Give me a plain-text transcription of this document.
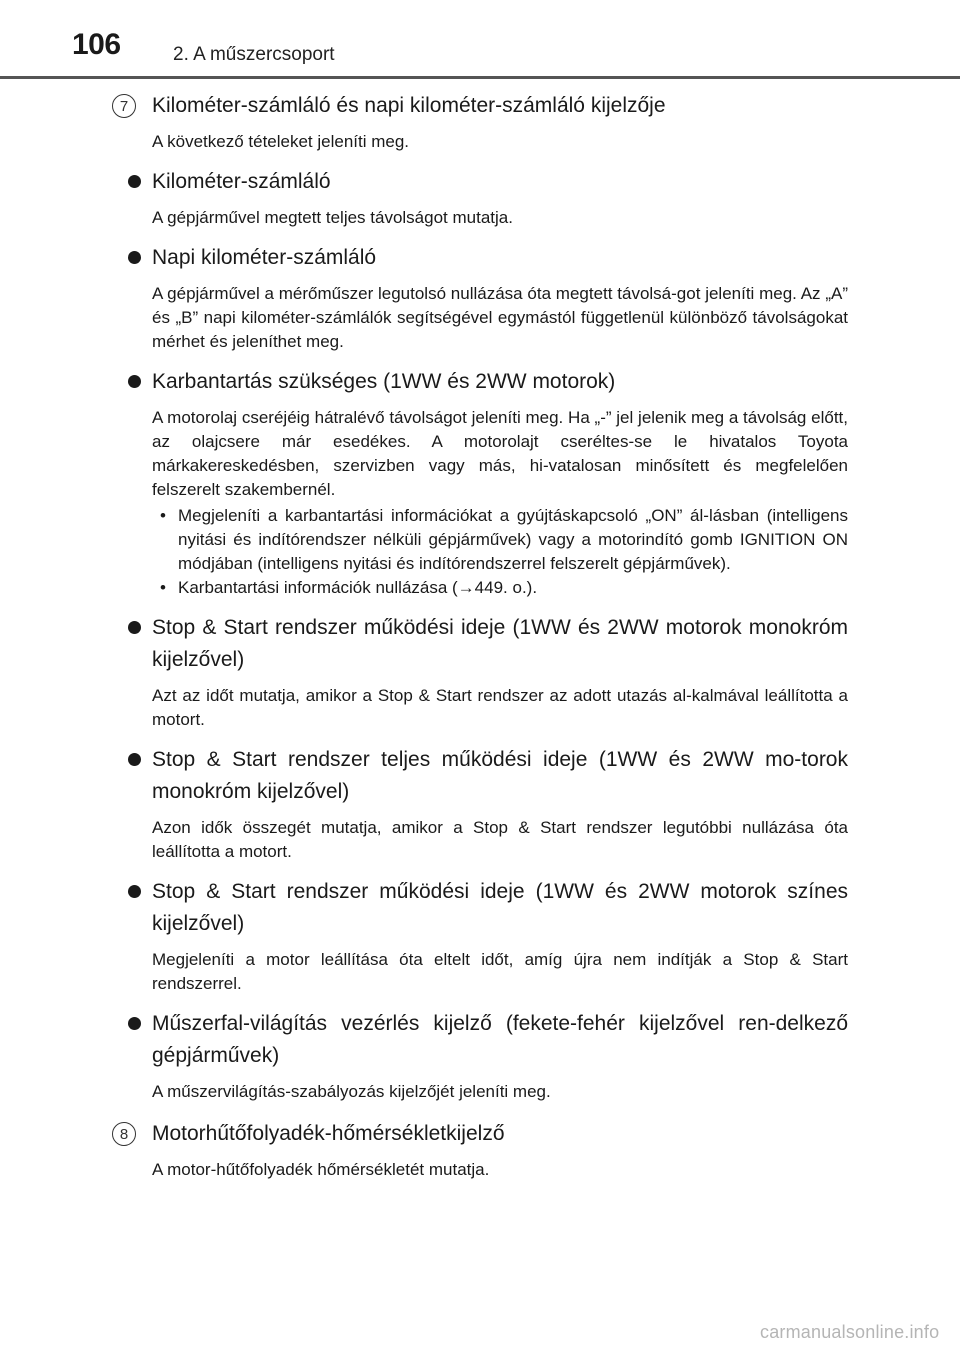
106	2. A műszercsoport
7	Kilométer-számláló és napi kilométer-számláló kijelzője
A következő tételeket jeleníti meg.
Kilométer-számláló
A gépjárművel megtett teljes távolságot mutatja.
Napi kilométer-számláló
A gépjárművel a mérőműszer legutolsó nullázása óta megtett távolsá-got jeleníti meg. Az „A” és „B” napi kilométer-számlálók segítségével egymástól függetlenül különböző távolságokat mérhet és jeleníthet meg.
Karbantartás szükséges (1WW és 2WW motorok)
A motorolaj cseréjéig hátralévő távolságot jeleníti meg. Ha „-” jel jelenik meg a távolság előtt, az olajcsere már esedékes. A motorolajt cseréltes-se le hivatalos Toyota márkakereskedésben, szervizben vagy más, hi-vatalosan minősített és megfelelően felszerelt szakembernél.
• Megjeleníti a karbantartási információkat a gyújtáskapcsoló „ON” ál-lásban (intelligens nyitási és indítórendszer nélküli gépjárművek) vagy a motorindító gomb IGNITION ON módjában (intelligens nyitási és indítórendszerrel felszerelt gépjárművek).
• Karbantartási információk nullázása (→449. o.).
Stop & Start rendszer működési ideje (1WW és 2WW motorok monokróm kijelzővel)
Azt az időt mutatja, amikor a Stop & Start rendszer az adott utazás al-kalmával leállította a motort.
Stop & Start rendszer teljes működési ideje (1WW és 2WW mo-torok monokróm kijelzővel)
Azon idők összegét mutatja, amikor a Stop & Start rendszer legutóbbi nullázása óta leállította a motort.
Stop & Start rendszer működési ideje (1WW és 2WW motorok színes kijelzővel)
Megjeleníti a motor leállítása óta eltelt időt, amíg újra nem indítják a Stop & Start rendszerrel.
Műszerfal-világítás vezérlés kijelző (fekete-fehér kijelzővel ren-delkező gépjárművek)
A műszervilágítás-szabályozás kijelzőjét jeleníti meg.
8	Motorhűtőfolyadék-hőmérsékletkijelző
A motor-hűtőfolyadék hőmérsékletét mutatja.
carmanualsonline.info
